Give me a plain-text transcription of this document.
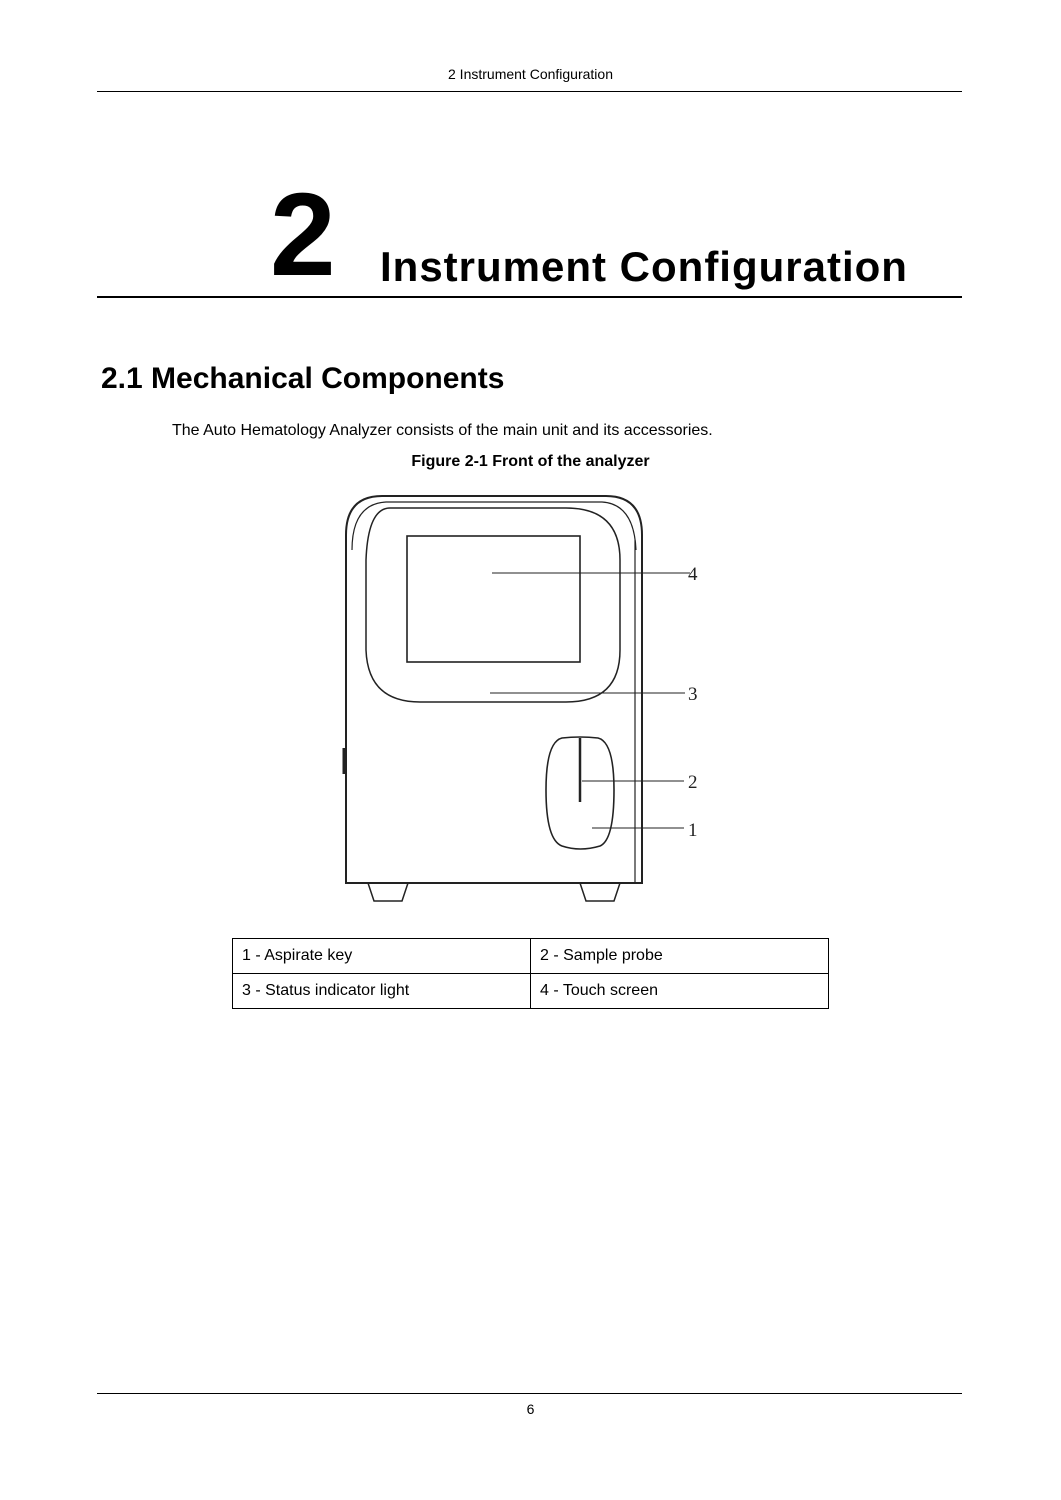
2 Instrument Configuration
2 Instrument Configuration
2.1 Mechanical Components
The Auto Hematology Analyzer consists of the main unit and its accessories.
Figure 2-1 Front of the analyzer
4
3
2
1
1 - Aspirate key	2 - Sample probe
3 - Status indicator light	4 - Touch screen
6
